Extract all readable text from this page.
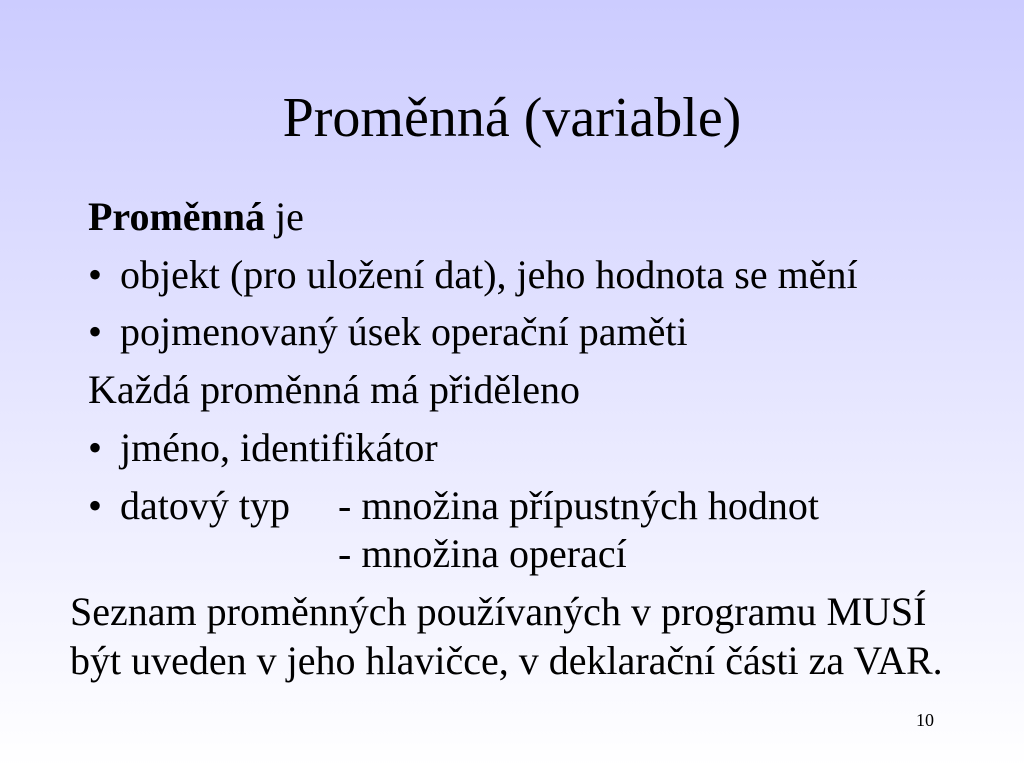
Proměnná (variable)
Proměnná je
• objekt (pro uložení dat), jeho hodnota se mění
• pojmenovaný úsek operační paměti
Každá proměnná má přiděleno
• jméno, identifikátor
• datový typ - množina přípustných hodnot
- množina operací
Seznam proměnných používaných v programu MUSÍ
být uveden v jeho hlavičce, v deklarační části za VAR.
10
